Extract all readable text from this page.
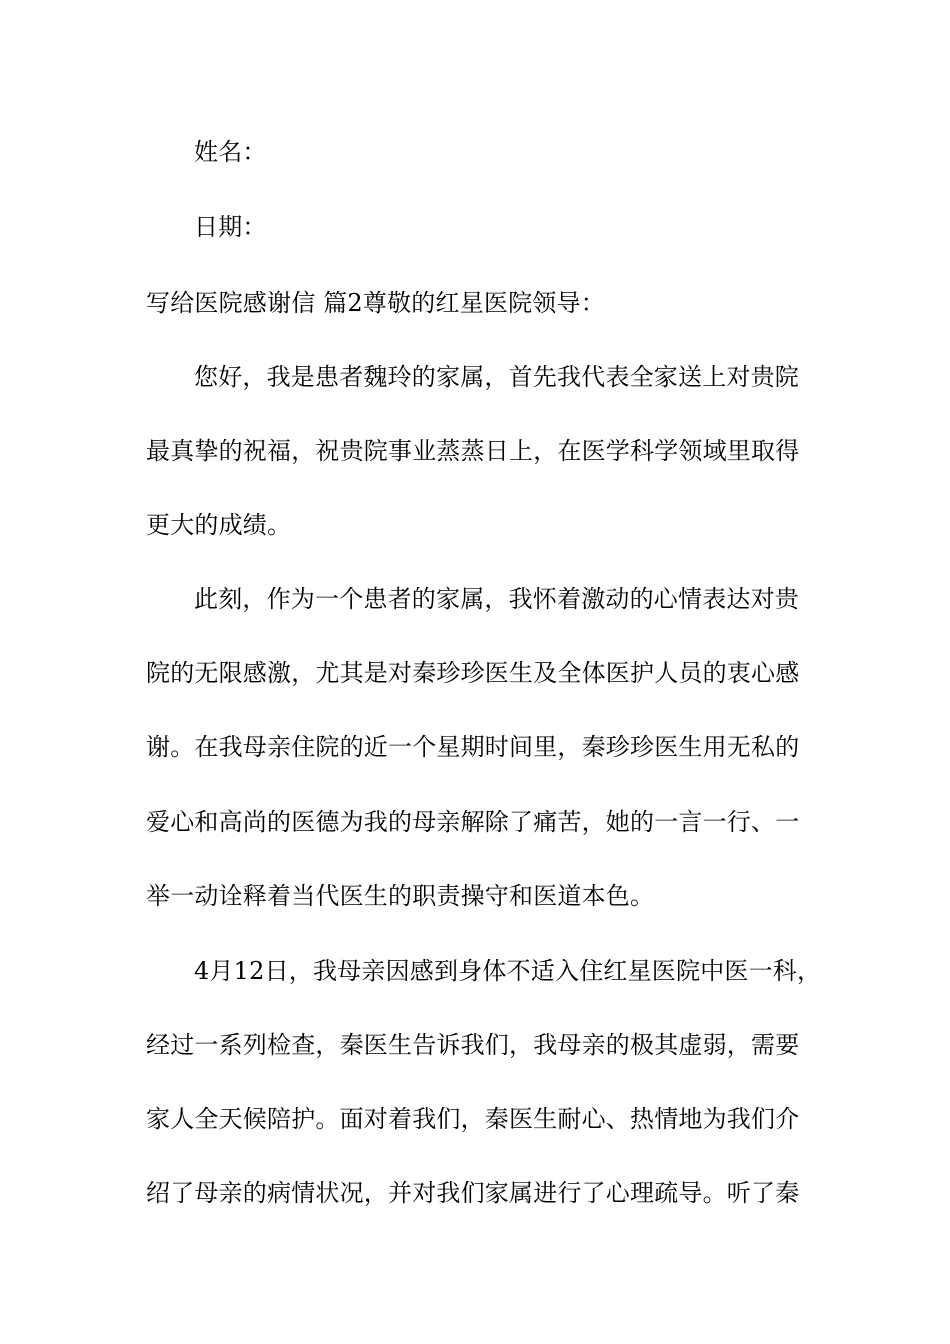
姓名：
日期：
写给医院感谢信 篇2尊敬的红星医院领导：
您好，我是患者魏玲的家属，首先我代表全家送上对贵院
最真挚的祝福，祝贵院事业蒸蒸日上，在医学科学领域里取得
更大的成绩。
此刻，作为一个患者的家属，我怀着激动的心情表达对贵
院的无限感激，尤其是对秦珍珍医生及全体医护人员的衷心感
谢。在我母亲住院的近一个星期时间里，秦珍珍医生用无私的
爱心和高尚的医德为我的母亲解除了痛苦，她的一言一行、一
举一动诠释着当代医生的职责操守和医道本色。
4月12日，我母亲因感到身体不适入住红星医院中医一科，
经过一系列检查，秦医生告诉我们，我母亲的极其虚弱，需要
家人全天候陪护。面对着我们，秦医生耐心、热情地为我们介
绍了母亲的病情状况，并对我们家属进行了心理疏导。听了秦
